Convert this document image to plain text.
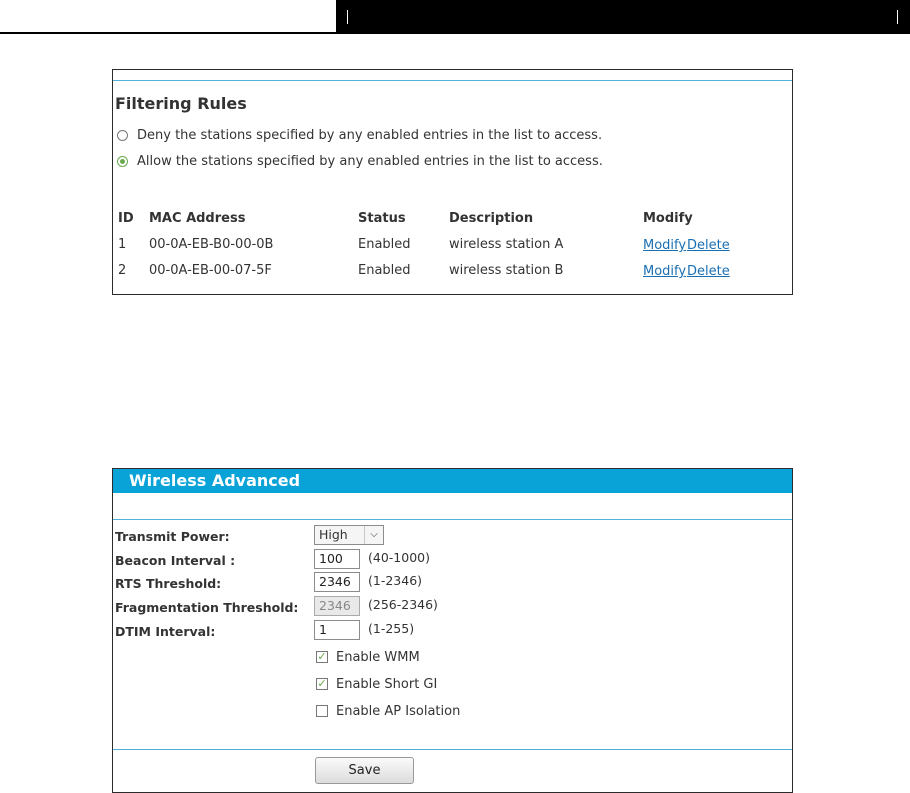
Filtering Rules
Deny the stations specified by any enabled entries in the list to access.
Allow the stations specified by any enabled entries in the list to access.
ID MAC Address	Status	Description	Modify
1 00-0A-EB-B0-00-0B	Enabled	wireless station A	Modify Delete
2 00-0A-EB-00-07-5F	Enabled	wireless station B	Modify Delete
Wireless Advanced
Transmit Power:	High	⌵
Beacon Interval :	100	(40-1000)
RTS Threshold:	2346	(1-2346)
Fragmentation Threshold:	2346	(256-2346)
DTIM Interval:	1	(1-255)
✓ Enable WMM
✓ Enable Short GI
Enable AP Isolation
Save
